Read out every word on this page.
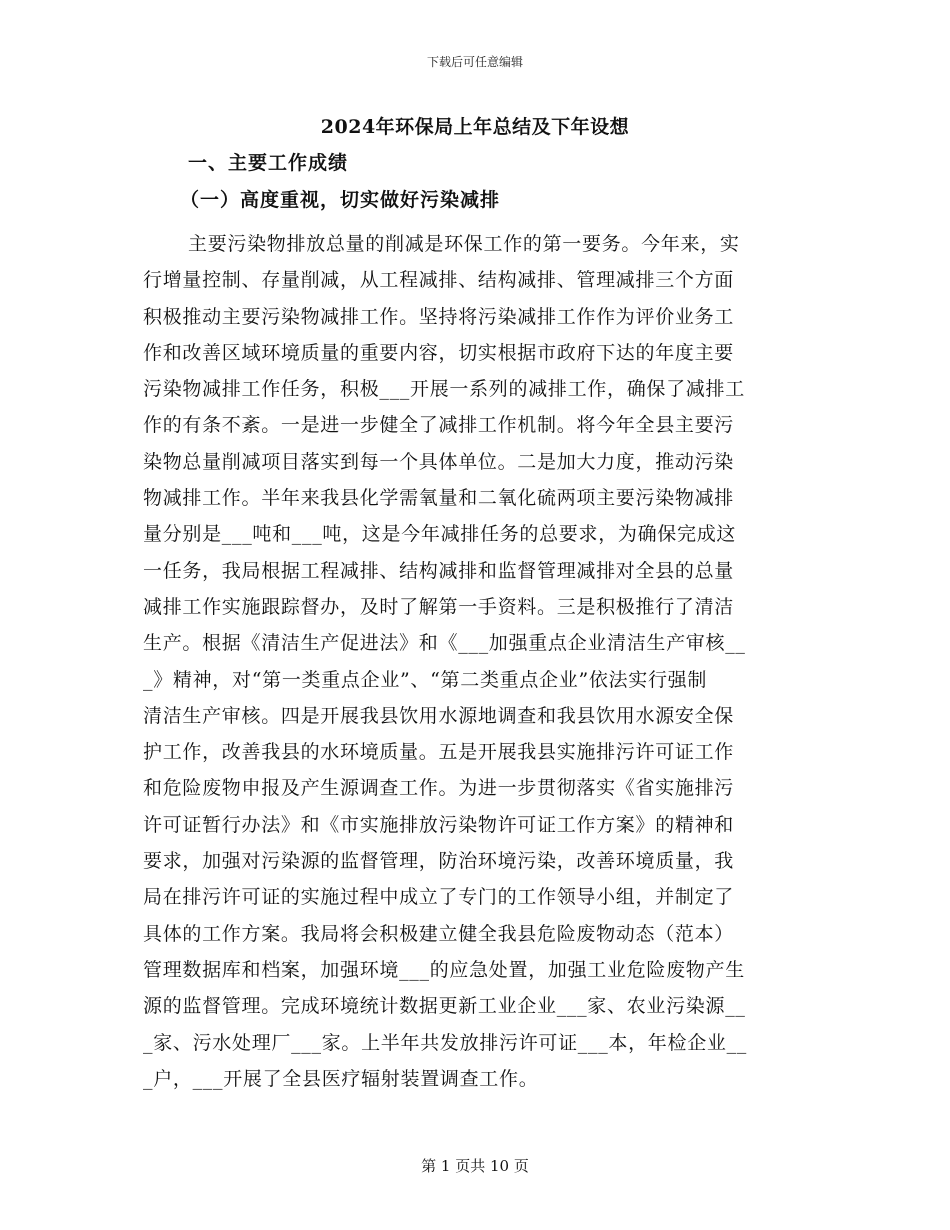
下载后可任意编辑
2024年环保局上年总结及下年设想
一、主要工作成绩
（一）高度重视，切实做好污染减排
主要污染物排放总量的削减是环保工作的第一要务。今年来，实
行增量控制、存量削减，从工程减排、结构减排、管理减排三个方面
积极推动主要污染物减排工作。坚持将污染减排工作作为评价业务工
作和改善区域环境质量的重要内容，切实根据市政府下达的年度主要
污染物减排工作任务，积极___开展一系列的减排工作，确保了减排工
作的有条不紊。一是进一步健全了减排工作机制。将今年全县主要污
染物总量削减项目落实到每一个具体单位。二是加大力度，推动污染
物减排工作。半年来我县化学需氧量和二氧化硫两项主要污染物减排
量分别是___吨和___吨，这是今年减排任务的总要求，为确保完成这
一任务，我局根据工程减排、结构减排和监督管理减排对全县的总量
减排工作实施跟踪督办，及时了解第一手资料。三是积极推行了清洁
生产。根据《清洁生产促进法》和《___加强重点企业清洁生产审核__
_》精神，对“第一类重点企业”、“第二类重点企业”依法实行强制
清洁生产审核。四是开展我县饮用水源地调查和我县饮用水源安全保
护工作，改善我县的水环境质量。五是开展我县实施排污许可证工作
和危险废物申报及产生源调查工作。为进一步贯彻落实《省实施排污
许可证暂行办法》和《市实施排放污染物许可证工作方案》的精神和
要求，加强对污染源的监督管理，防治环境污染，改善环境质量，我
局在排污许可证的实施过程中成立了专门的工作领导小组，并制定了
具体的工作方案。我局将会积极建立健全我县危险废物动态（范本）
管理数据库和档案，加强环境___的应急处置，加强工业危险废物产生
源的监督管理。完成环境统计数据更新工业企业___家、农业污染源__
_家、污水处理厂___家。上半年共发放排污许可证___本，年检企业__
_户，___开展了全县医疗辐射装置调查工作。
第 1 页共 10 页
